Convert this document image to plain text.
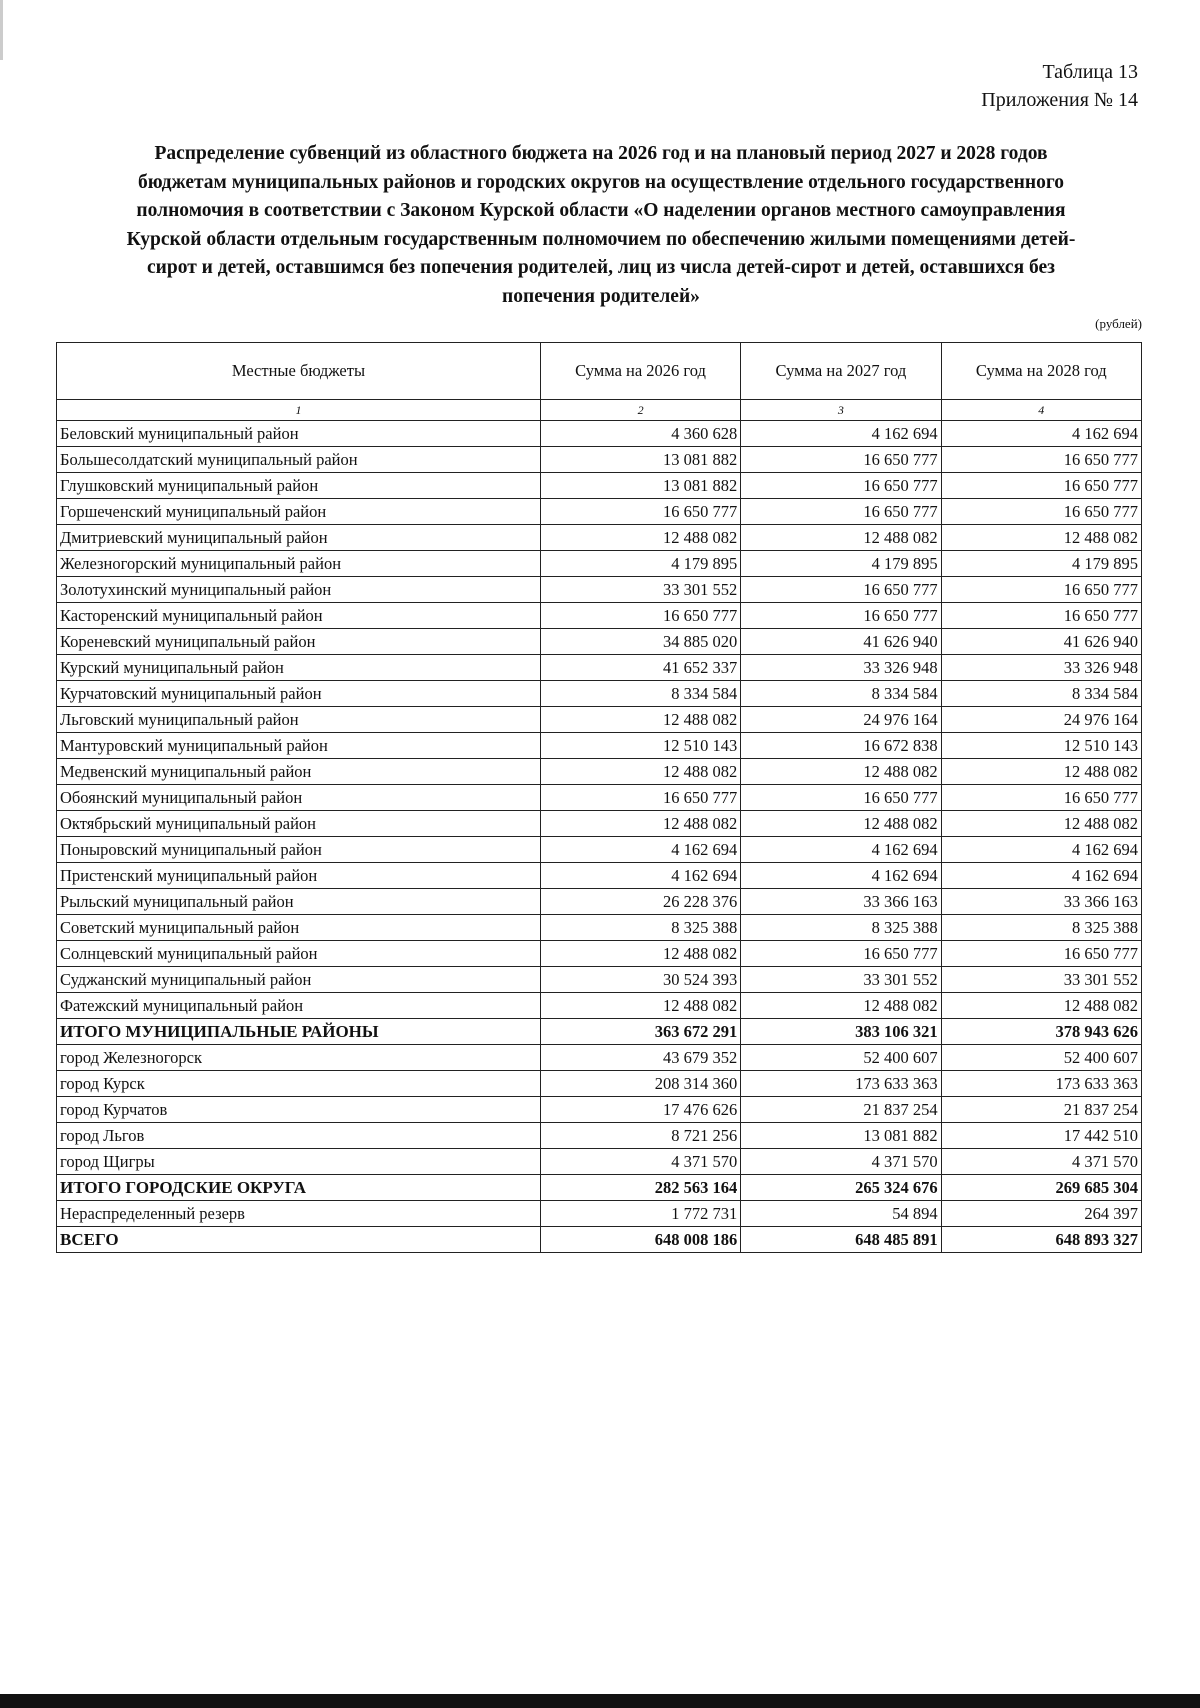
Таблица 13
Приложения № 14
Распределение субвенций из областного бюджета на 2026 год и на плановый период 2027 и 2028 годов
бюджетам муниципальных районов и городских округов на осуществление отдельного государственного
полномочия в соответствии с Законом Курской области «О наделении органов местного самоуправления
Курской области отдельным государственным полномочием по обеспечению жилыми помещениями детей-
сирот и детей, оставшимся без попечения родителей, лиц из числа детей-сирот и детей, оставшихся без
попечения родителей»
(рублей)
Местные бюджеты	Сумма на 2026 год	Сумма на 2027 год	Сумма на 2028 год
1	2	3	4
Беловский муниципальный район	4 360 628	4 162 694	4 162 694
Большесолдатский муниципальный район	13 081 882	16 650 777	16 650 777
Глушковский муниципальный район	13 081 882	16 650 777	16 650 777
Горшеченский муниципальный район	16 650 777	16 650 777	16 650 777
Дмитриевский муниципальный район	12 488 082	12 488 082	12 488 082
Железногорский муниципальный район	4 179 895	4 179 895	4 179 895
Золотухинский муниципальный район	33 301 552	16 650 777	16 650 777
Касторенский муниципальный район	16 650 777	16 650 777	16 650 777
Кореневский муниципальный район	34 885 020	41 626 940	41 626 940
Курский муниципальный район	41 652 337	33 326 948	33 326 948
Курчатовский муниципальный район	8 334 584	8 334 584	8 334 584
Льговский муниципальный район	12 488 082	24 976 164	24 976 164
Мантуровский муниципальный район	12 510 143	16 672 838	12 510 143
Медвенский муниципальный район	12 488 082	12 488 082	12 488 082
Обоянский муниципальный район	16 650 777	16 650 777	16 650 777
Октябрьский муниципальный район	12 488 082	12 488 082	12 488 082
Поныровский муниципальный район	4 162 694	4 162 694	4 162 694
Пристенский муниципальный район	4 162 694	4 162 694	4 162 694
Рыльский муниципальный район	26 228 376	33 366 163	33 366 163
Советский муниципальный район	8 325 388	8 325 388	8 325 388
Солнцевский муниципальный район	12 488 082	16 650 777	16 650 777
Суджанский муниципальный район	30 524 393	33 301 552	33 301 552
Фатежский муниципальный район	12 488 082	12 488 082	12 488 082
ИТОГО МУНИЦИПАЛЬНЫЕ РАЙОНЫ	363 672 291	383 106 321	378 943 626
город Железногорск	43 679 352	52 400 607	52 400 607
город Курск	208 314 360	173 633 363	173 633 363
город Курчатов	17 476 626	21 837 254	21 837 254
город Льгов	8 721 256	13 081 882	17 442 510
город Щигры	4 371 570	4 371 570	4 371 570
ИТОГО ГОРОДСКИЕ ОКРУГА	282 563 164	265 324 676	269 685 304
Нераспределенный резерв	1 772 731	54 894	264 397
ВСЕГО	648 008 186	648 485 891	648 893 327
